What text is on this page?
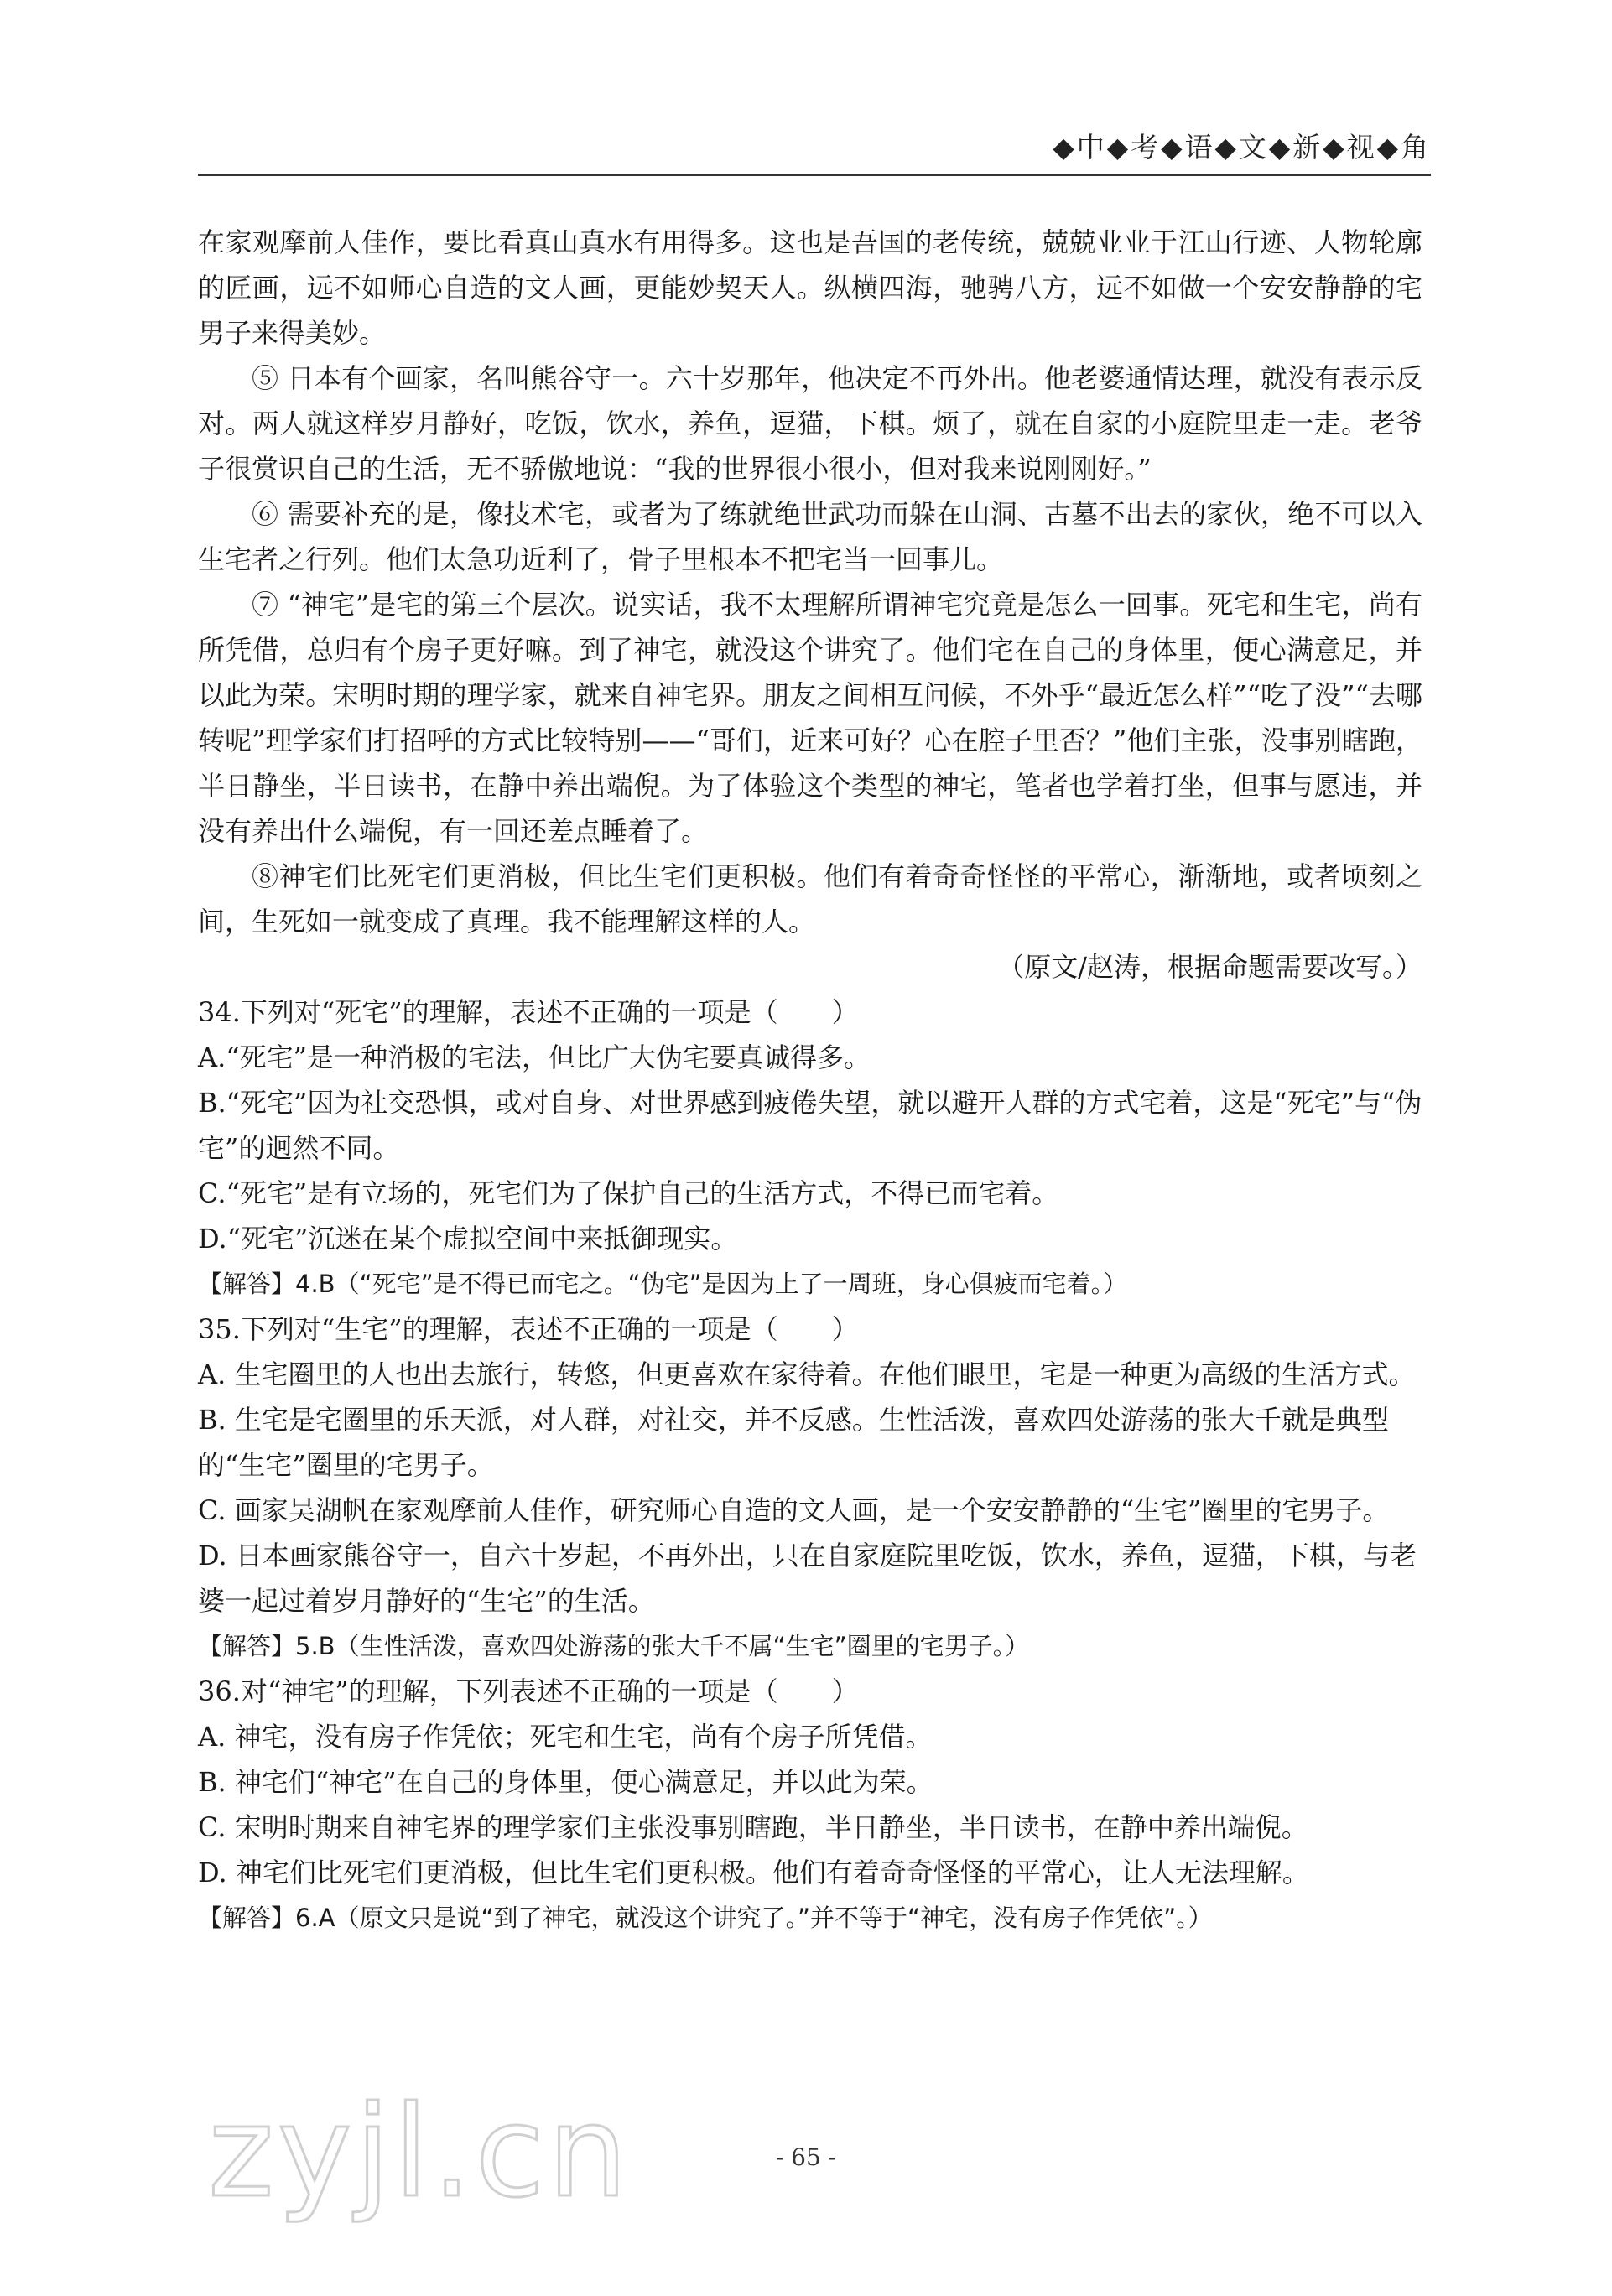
◆中◆考◆语◆文◆新◆视◆角

在家观摩前人佳作，要比看真山真水有用得多。这也是吾国的老传统，兢兢业业于江山行迹、人物轮廓的匠画，远不如师心自造的文人画，更能妙契天人。纵横四海，驰骋八方，远不如做一个安安静静的宅男子来得美妙。

⑤ 日本有个画家，名叫熊谷守一。六十岁那年，他决定不再外出。他老婆通情达理，就没有表示反对。两人就这样岁月静好，吃饭，饮水，养鱼，逗猫，下棋。烦了，就在自家的小庭院里走一走。老爷子很赏识自己的生活，无不骄傲地说：“我的世界很小很小，但对我来说刚刚好。”

⑥ 需要补充的是，像技术宅，或者为了练就绝世武功而躲在山洞、古墓不出去的家伙，绝不可以入生宅者之行列。他们太急功近利了，骨子里根本不把宅当一回事儿。

⑦ “神宅”是宅的第三个层次。说实话，我不太理解所谓神宅究竟是怎么一回事。死宅和生宅，尚有所凭借，总归有个房子更好嘛。到了神宅，就没这个讲究了。他们宅在自己的身体里，便心满意足，并以此为荣。宋明时期的理学家，就来自神宅界。朋友之间相互问候，不外乎“最近怎么样”“吃了没”“去哪转呢”理学家们打招呼的方式比较特别——“哥们，近来可好？心在腔子里否？”他们主张，没事别瞎跑，半日静坐，半日读书，在静中养出端倪。为了体验这个类型的神宅，笔者也学着打坐，但事与愿违，并没有养出什么端倪，有一回还差点睡着了。

⑧神宅们比死宅们更消极，但比生宅们更积极。他们有着奇奇怪怪的平常心，渐渐地，或者顷刻之间，生死如一就变成了真理。我不能理解这样的人。

（原文/赵涛，根据命题需要改写。）

34.下列对“死宅”的理解，表述不正确的一项是（　　）

A.“死宅”是一种消极的宅法，但比广大伪宅要真诚得多。

B.“死宅”因为社交恐惧，或对自身、对世界感到疲倦失望，就以避开人群的方式宅着，这是“死宅”与“伪宅”的迥然不同。

C.“死宅”是有立场的，死宅们为了保护自己的生活方式，不得已而宅着。

D.“死宅”沉迷在某个虚拟空间中来抵御现实。

【解答】4.B（“死宅”是不得已而宅之。“伪宅”是因为上了一周班，身心俱疲而宅着。）

35.下列对“生宅”的理解，表述不正确的一项是（　　）

A. 生宅圈里的人也出去旅行，转悠，但更喜欢在家待着。在他们眼里，宅是一种更为高级的生活方式。

B. 生宅是宅圈里的乐天派，对人群，对社交，并不反感。生性活泼，喜欢四处游荡的张大千就是典型的“生宅”圈里的宅男子。

C. 画家吴湖帆在家观摩前人佳作，研究师心自造的文人画，是一个安安静静的“生宅”圈里的宅男子。

D. 日本画家熊谷守一，自六十岁起，不再外出，只在自家庭院里吃饭，饮水，养鱼，逗猫，下棋，与老婆一起过着岁月静好的“生宅”的生活。

【解答】5.B（生性活泼，喜欢四处游荡的张大千不属“生宅”圈里的宅男子。）

36.对“神宅”的理解，下列表述不正确的一项是（　　）

A. 神宅，没有房子作凭依；死宅和生宅，尚有个房子所凭借。

B. 神宅们“神宅”在自己的身体里，便心满意足，并以此为荣。

C. 宋明时期来自神宅界的理学家们主张没事别瞎跑，半日静坐，半日读书，在静中养出端倪。

D. 神宅们比死宅们更消极，但比生宅们更积极。他们有着奇奇怪怪的平常心，让人无法理解。

【解答】6.A（原文只是说“到了神宅，就没这个讲究了。”并不等于“神宅，没有房子作凭依”。）

zyjl.cn	- 65 -
